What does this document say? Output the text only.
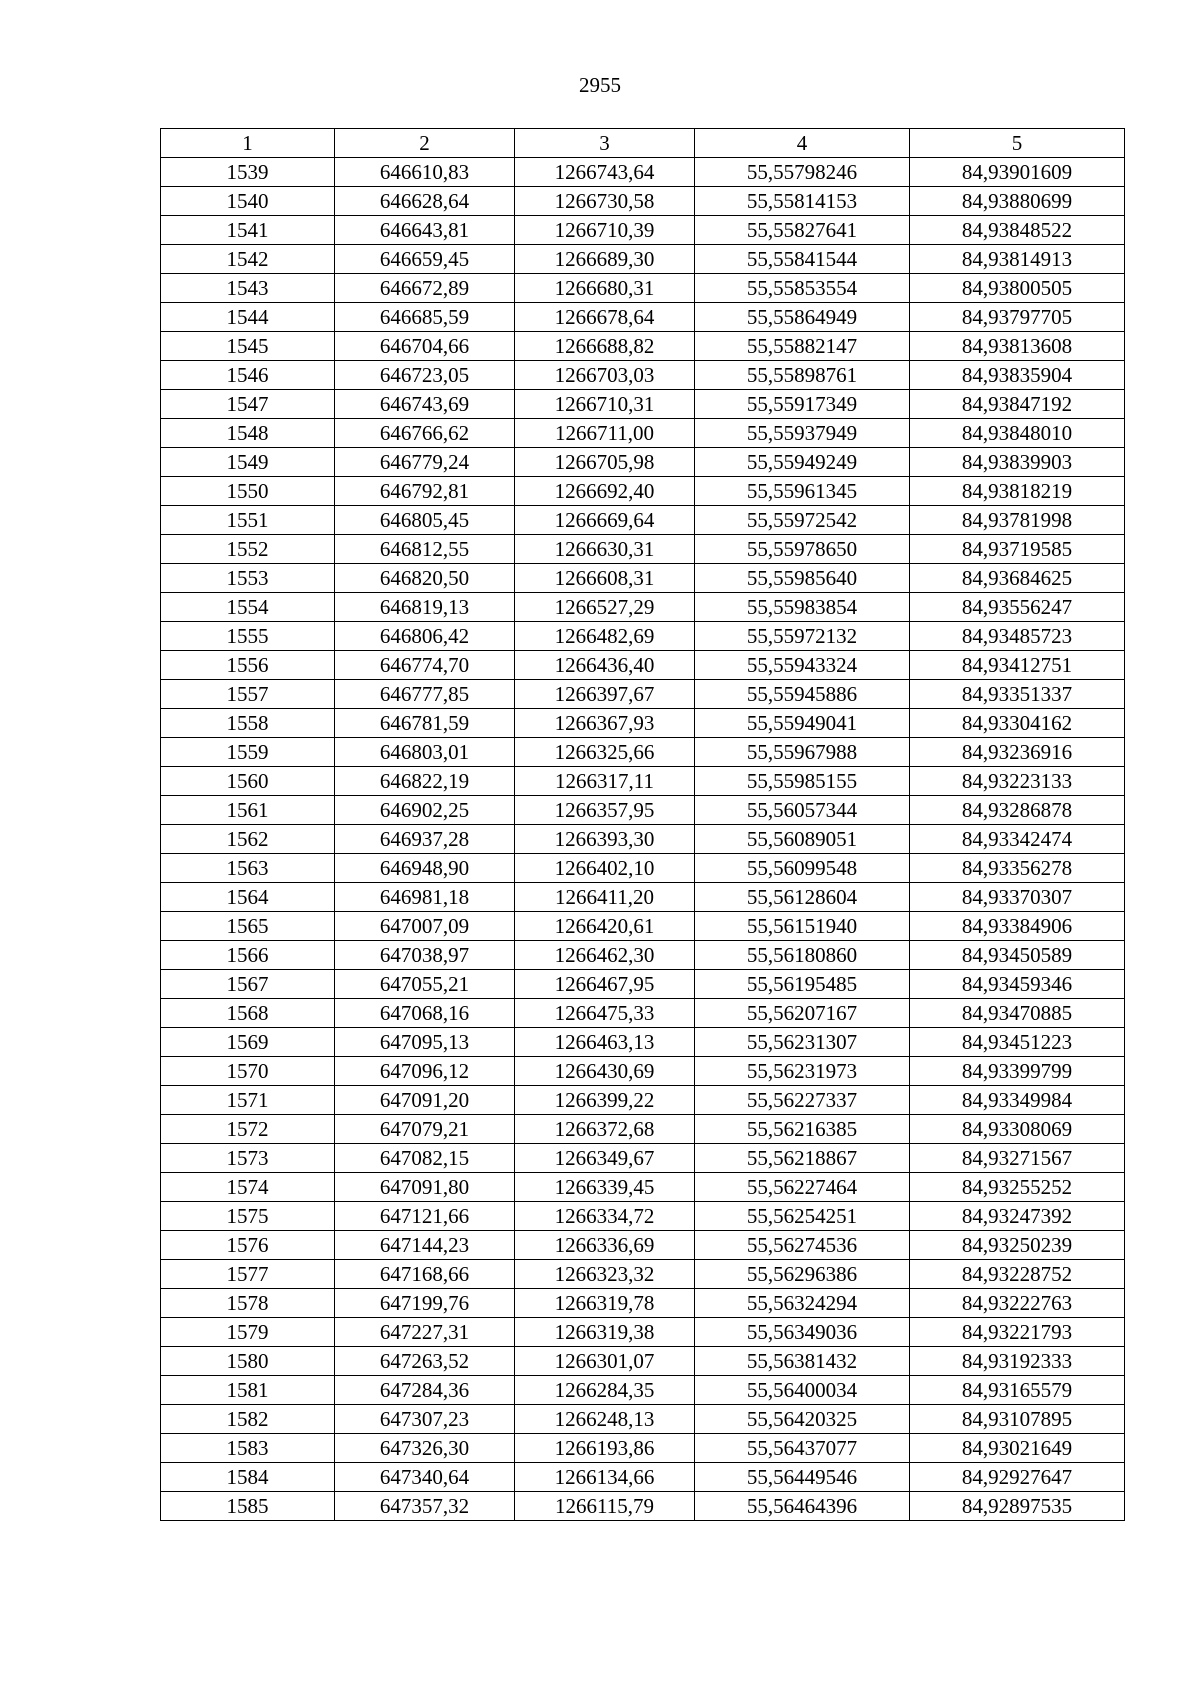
2955
1	2	3	4	5
1539	646610,83	1266743,64	55,55798246	84,93901609
1540	646628,64	1266730,58	55,55814153	84,93880699
1541	646643,81	1266710,39	55,55827641	84,93848522
1542	646659,45	1266689,30	55,55841544	84,93814913
1543	646672,89	1266680,31	55,55853554	84,93800505
1544	646685,59	1266678,64	55,55864949	84,93797705
1545	646704,66	1266688,82	55,55882147	84,93813608
1546	646723,05	1266703,03	55,55898761	84,93835904
1547	646743,69	1266710,31	55,55917349	84,93847192
1548	646766,62	1266711,00	55,55937949	84,93848010
1549	646779,24	1266705,98	55,55949249	84,93839903
1550	646792,81	1266692,40	55,55961345	84,93818219
1551	646805,45	1266669,64	55,55972542	84,93781998
1552	646812,55	1266630,31	55,55978650	84,93719585
1553	646820,50	1266608,31	55,55985640	84,93684625
1554	646819,13	1266527,29	55,55983854	84,93556247
1555	646806,42	1266482,69	55,55972132	84,93485723
1556	646774,70	1266436,40	55,55943324	84,93412751
1557	646777,85	1266397,67	55,55945886	84,93351337
1558	646781,59	1266367,93	55,55949041	84,93304162
1559	646803,01	1266325,66	55,55967988	84,93236916
1560	646822,19	1266317,11	55,55985155	84,93223133
1561	646902,25	1266357,95	55,56057344	84,93286878
1562	646937,28	1266393,30	55,56089051	84,93342474
1563	646948,90	1266402,10	55,56099548	84,93356278
1564	646981,18	1266411,20	55,56128604	84,93370307
1565	647007,09	1266420,61	55,56151940	84,93384906
1566	647038,97	1266462,30	55,56180860	84,93450589
1567	647055,21	1266467,95	55,56195485	84,93459346
1568	647068,16	1266475,33	55,56207167	84,93470885
1569	647095,13	1266463,13	55,56231307	84,93451223
1570	647096,12	1266430,69	55,56231973	84,93399799
1571	647091,20	1266399,22	55,56227337	84,93349984
1572	647079,21	1266372,68	55,56216385	84,93308069
1573	647082,15	1266349,67	55,56218867	84,93271567
1574	647091,80	1266339,45	55,56227464	84,93255252
1575	647121,66	1266334,72	55,56254251	84,93247392
1576	647144,23	1266336,69	55,56274536	84,93250239
1577	647168,66	1266323,32	55,56296386	84,93228752
1578	647199,76	1266319,78	55,56324294	84,93222763
1579	647227,31	1266319,38	55,56349036	84,93221793
1580	647263,52	1266301,07	55,56381432	84,93192333
1581	647284,36	1266284,35	55,56400034	84,93165579
1582	647307,23	1266248,13	55,56420325	84,93107895
1583	647326,30	1266193,86	55,56437077	84,93021649
1584	647340,64	1266134,66	55,56449546	84,92927647
1585	647357,32	1266115,79	55,56464396	84,92897535
